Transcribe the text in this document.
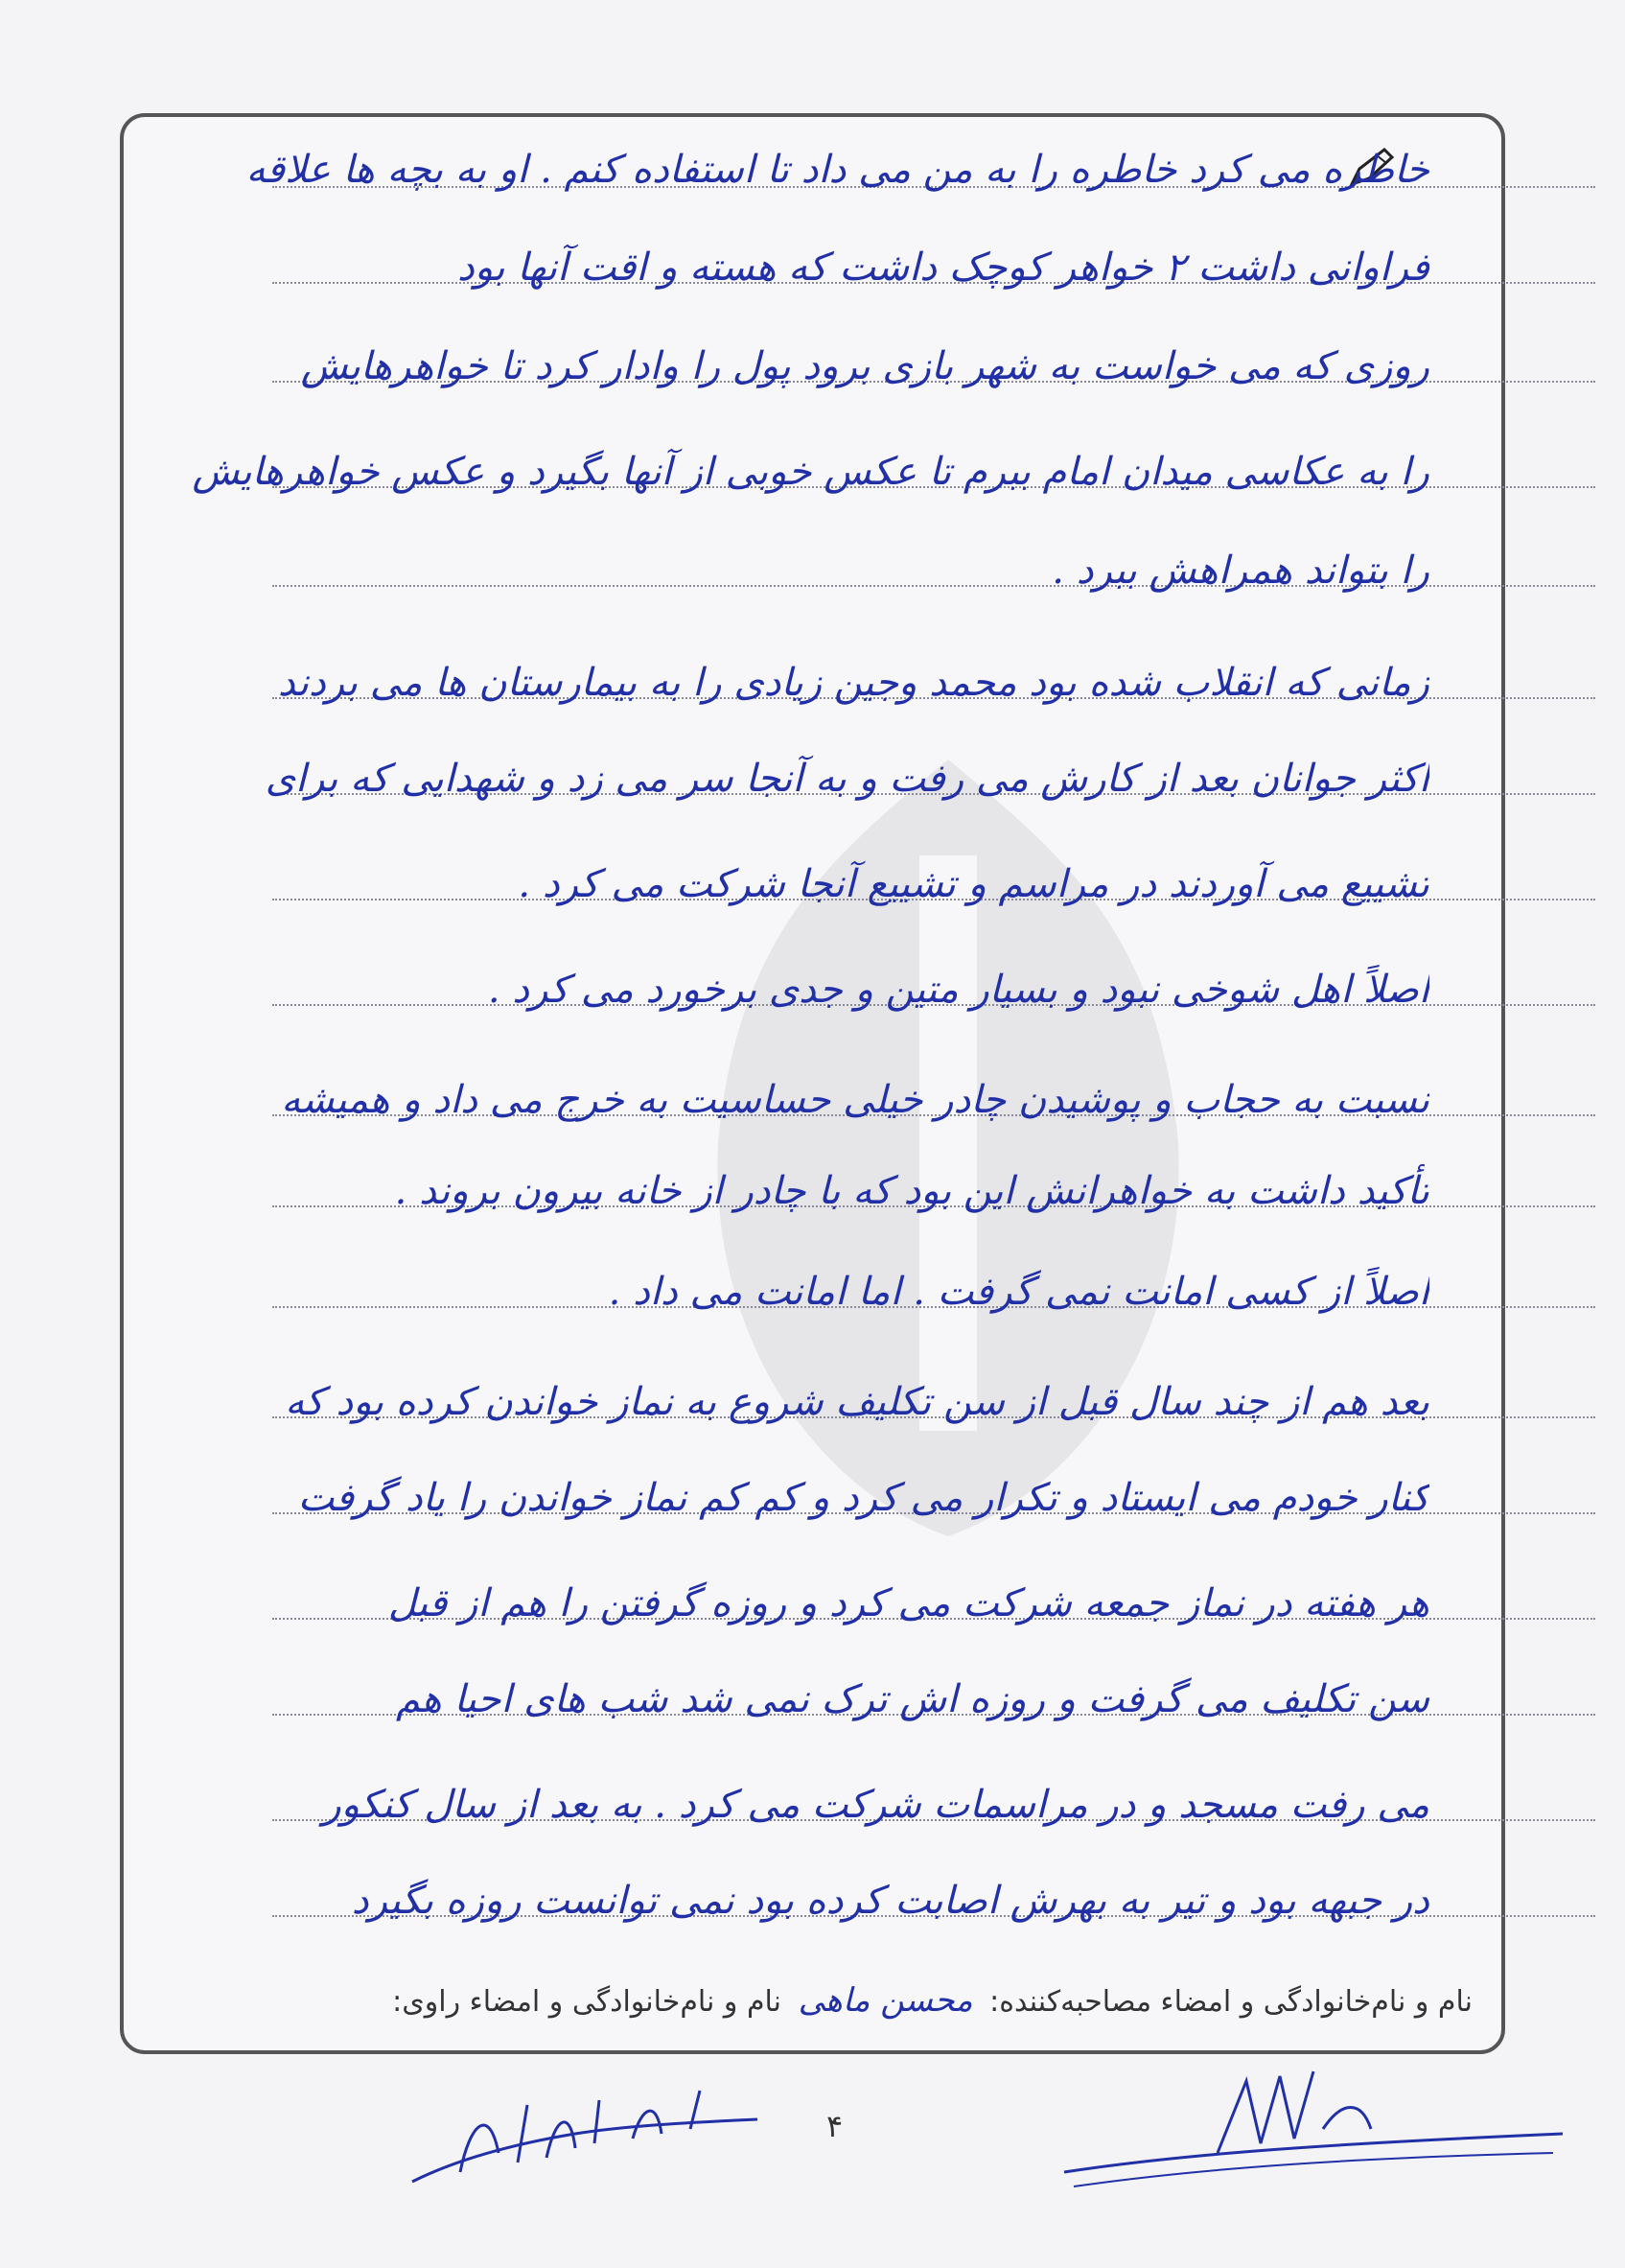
خاطره می کرد خاطره را به من می داد تا استفاده کنم . او به بچه ها علاقه
فراوانی داشت ۲ خواهر کوچک داشت که هسته و اقت آنها بود
روزی که می خواست به شهر بازی برود پول را وادار کرد تا خواهرهایش
را به عکاسی میدان امام ببرم تا عکس خوبی از آنها بگیرد و عکس خواهرهایش
را بتواند همراهش ببرد .
زمانی که انقلاب شده بود محمد وجین زیادی را به بیمارستان ها می بردند
اکثر جوانان بعد از کارش می رفت و به آنجا سر می زد و شهدایی که برای
تشییع می آوردند در مراسم و تشییع آنجا شرکت می کرد .
اصلاً اهل شوخی نبود و بسیار متین و جدی برخورد می کرد .
نسبت به حجاب و پوشیدن چادر خیلی حساسیت به خرج می داد و همیشه
تأکید داشت به خواهرانش این بود که با چادر از خانه بیرون بروند .
اصلاً از کسی امانت نمی گرفت . اما امانت می داد .
بعد هم از چند سال قبل از سن تکلیف شروع به نماز خواندن کرده بود که
کنار خودم می ایستاد و تکرار می کرد و کم کم نماز خواندن را یاد گرفت
هر هفته در نماز جمعه شرکت می کرد و روزه گرفتن را هم از قبل
سن تکلیف می گرفت و روزه اش ترک نمی شد شب های احیا هم
می رفت مسجد و در مراسمات شرکت می کرد . به بعد از سال کنکور
در جبهه بود و تیر به بهرش اصابت کرده بود نمی توانست روزه بگیرد
نام و نام‌خانوادگی و امضاء مصاحبه‌کننده: محسن ماهی نام و نام‌خانوادگی و امضاء راوی:
۴
